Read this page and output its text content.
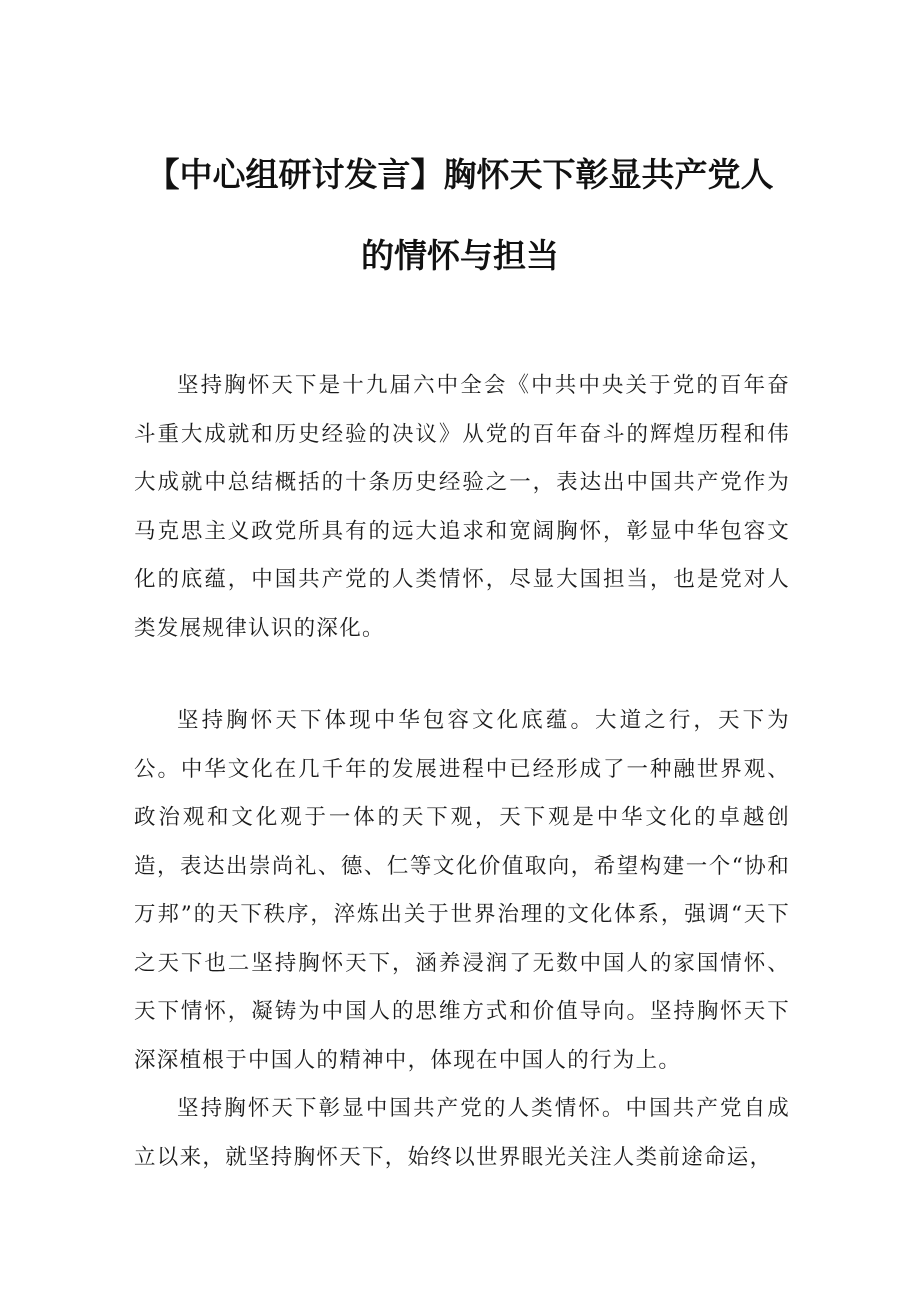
【中心组研讨发言】胸怀天下彰显共产党人
的情怀与担当

坚持胸怀天下是十九届六中全会《中共中央关于党的百年奋斗重大成就和历史经验的决议》从党的百年奋斗的辉煌历程和伟大成就中总结概括的十条历史经验之一，表达出中国共产党作为马克思主义政党所具有的远大追求和宽阔胸怀，彰显中华包容文化的底蕴，中国共产党的人类情怀，尽显大国担当，也是党对人类发展规律认识的深化。

坚持胸怀天下体现中华包容文化底蕴。大道之行，天下为公。中华文化在几千年的发展进程中已经形成了一种融世界观、政治观和文化观于一体的天下观，天下观是中华文化的卓越创造，表达出崇尚礼、德、仁等文化价值取向，希望构建一个“协和万邦”的天下秩序，淬炼出关于世界治理的文化体系，强调“天下之天下也二坚持胸怀天下，涵养浸润了无数中国人的家国情怀、天下情怀，凝铸为中国人的思维方式和价值导向。坚持胸怀天下深深植根于中国人的精神中，体现在中国人的行为上。

坚持胸怀天下彰显中国共产党的人类情怀。中国共产党自成立以来，就坚持胸怀天下，始终以世界眼光关注人类前途命运，
